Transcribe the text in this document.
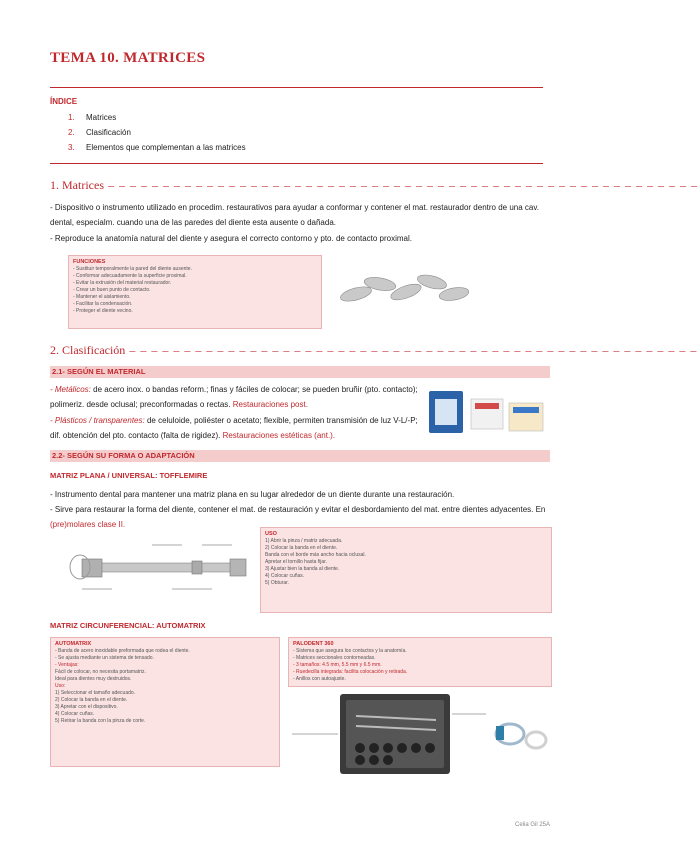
TEMA 10. MATRICES
ÍNDICE
1. Matrices
2. Clasificación
3. Elementos que complementan a las matrices
1. Matrices – – – – – – – – – – – – – – – – – – – – – – – – – – – – – – – – – – – – – – – – – – – – – – – – – – – – – –
- Dispositivo o instrumento utilizado en procedim. restaurativos para ayudar a conformar y contener el mat. restaurador dentro de una cav. dental, especialm. cuando una de las paredes del diente esta ausente o dañada.
- Reproduce la anatomía natural del diente y asegura el correcto contorno y pto. de contacto proximal.
FUNCIONES
- Sustituir temporalmente la pared del diente ausente.
- Conformar adecuadamente la superficie proximal.
- Evitar la extrusión del material restaurador.
- Crear un buen punto de contacto.
- Mantener el aislamiento.
- Facilitar la condensación.
- Proteger el diente vecino.
2. Clasificación – – – – – – – – – – – – – – – – – – – – – – – – – – – – – – – – – – – – – – – – – – – – – – – – – – – –
2.1- SEGÚN EL MATERIAL
- Metálicos: de acero inox. o bandas reform.; finas y fáciles de colocar; se pueden bruñir (pto. contacto); polimeriz. desde oclusal; preconformadas o rectas. Restauraciones post.
- Plásticos / transparentes: de celuloide, poliéster o acetato; flexible, permiten transmisión de luz V-L/-P; dif. obtención del pto. contacto (falta de rigidez). Restauraciones estéticas (ant.).
2.2- SEGÚN SU FORMA O ADAPTACIÓN
MATRIZ PLANA / UNIVERSAL: TOFFLEMIRE
- Instrumento dental para mantener una matriz plana en su lugar alrededor de un diente durante una restauración.
- Sirve para restaurar la forma del diente, contener el mat. de restauración y evitar el desbordamiento del mat. entre dientes adyacentes. En (pre)molares clase II.
USO
1) Abrir la pinza / matriz adecuada.
2) Colocar la banda en el diente.
Banda con el borde más ancho hacia oclusal.
Apretar el tornillo hasta fijar.
3) Ajustar bien la banda al diente.
4) Colocar cuñas.
5) Obturar.
MATRIZ CIRCUNFERENCIAL: AUTOMATRIX
AUTOMATRIX
- Banda de acero inoxidable preformada que rodea el diente.
- Se ajusta mediante un sistema de tensado.
- Ventajas:
Fácil de colocar, no necesita portamatriz.
Ideal para dientes muy destruidos.
Uso:
1) Seleccionar el tamaño adecuado.
2) Colocar la banda en el diente.
3) Apretar con el dispositivo.
4) Colocar cuñas.
5) Retirar la banda con la pinza de corte.
PALODENT 360
- Sistema que asegura los contactos y la anatomía.
- Matrices seccionales contorneadas.
- 3 tamaños: 4.5 mm, 5.5 mm y 6.5 mm.
- Ruedecilla integrada: facilita colocación y retirada.
- Anillos con autoajuste.
Celia Gil 25A
